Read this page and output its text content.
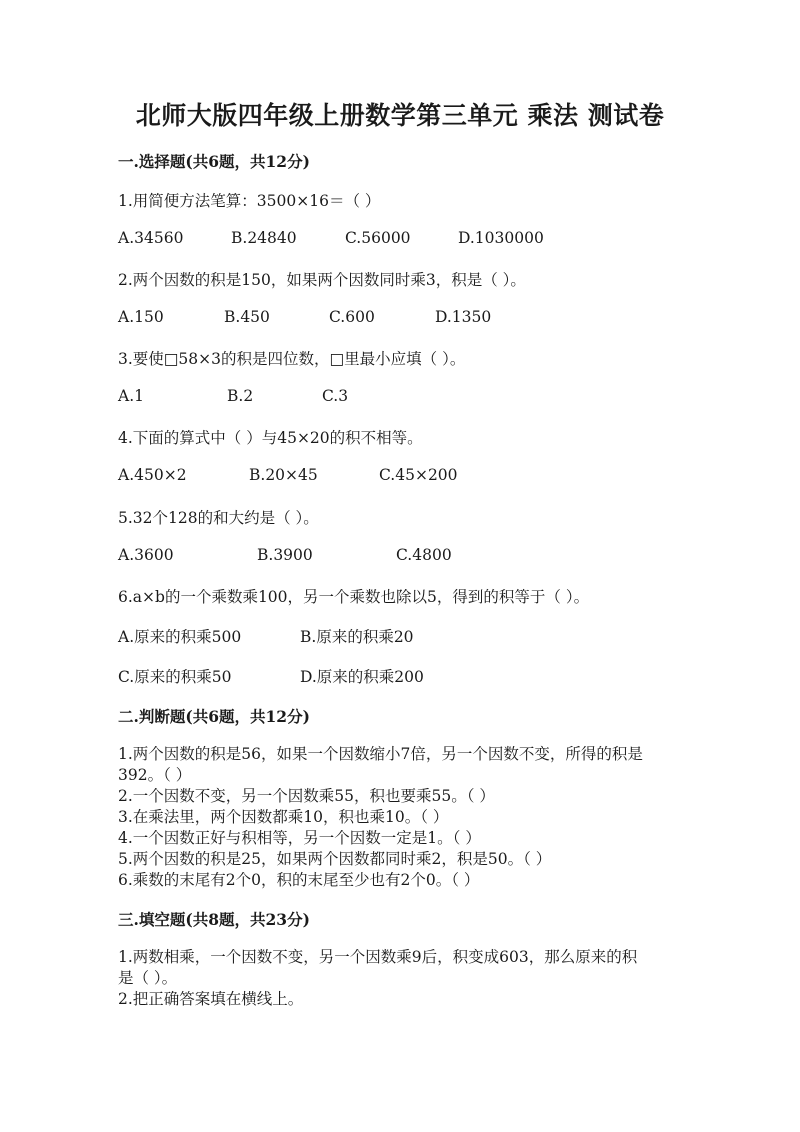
北师大版四年级上册数学第三单元 乘法 测试卷
一.选择题(共6题，共12分)
1.用简便方法笔算：3500×16＝（ ）
A.34560	B.24840	C.56000	D.1030000
2.两个因数的积是150，如果两个因数同时乘3，积是（ ）。
A.150	B.450	C.600	D.1350
3.要使□58×3的积是四位数，□里最小应填（ ）。
A.1	B.2	C.3
4.下面的算式中（ ）与45×20的积不相等。
A.450×2	B.20×45	C.45×200
5.32个128的和大约是（ ）。
A.3600	B.3900	C.4800
6.a×b的一个乘数乘100，另一个乘数也除以5，得到的积等于（ ）。
A.原来的积乘500	B.原来的积乘20
C.原来的积乘50	D.原来的积乘200
二.判断题(共6题，共12分)
1.两个因数的积是56，如果一个因数缩小7倍，另一个因数不变，所得的积是
392。（ ）
2.一个因数不变，另一个因数乘55，积也要乘55。（ ）
3.在乘法里，两个因数都乘10，积也乘10。（ ）
4.一个因数正好与积相等，另一个因数一定是1。（ ）
5.两个因数的积是25，如果两个因数都同时乘2，积是50。（ ）
6.乘数的末尾有2个0，积的末尾至少也有2个0。（ ）
三.填空题(共8题，共23分)
1.两数相乘，一个因数不变，另一个因数乘9后，积变成603，那么原来的积
是（ ）。
2.把正确答案填在横线上。
